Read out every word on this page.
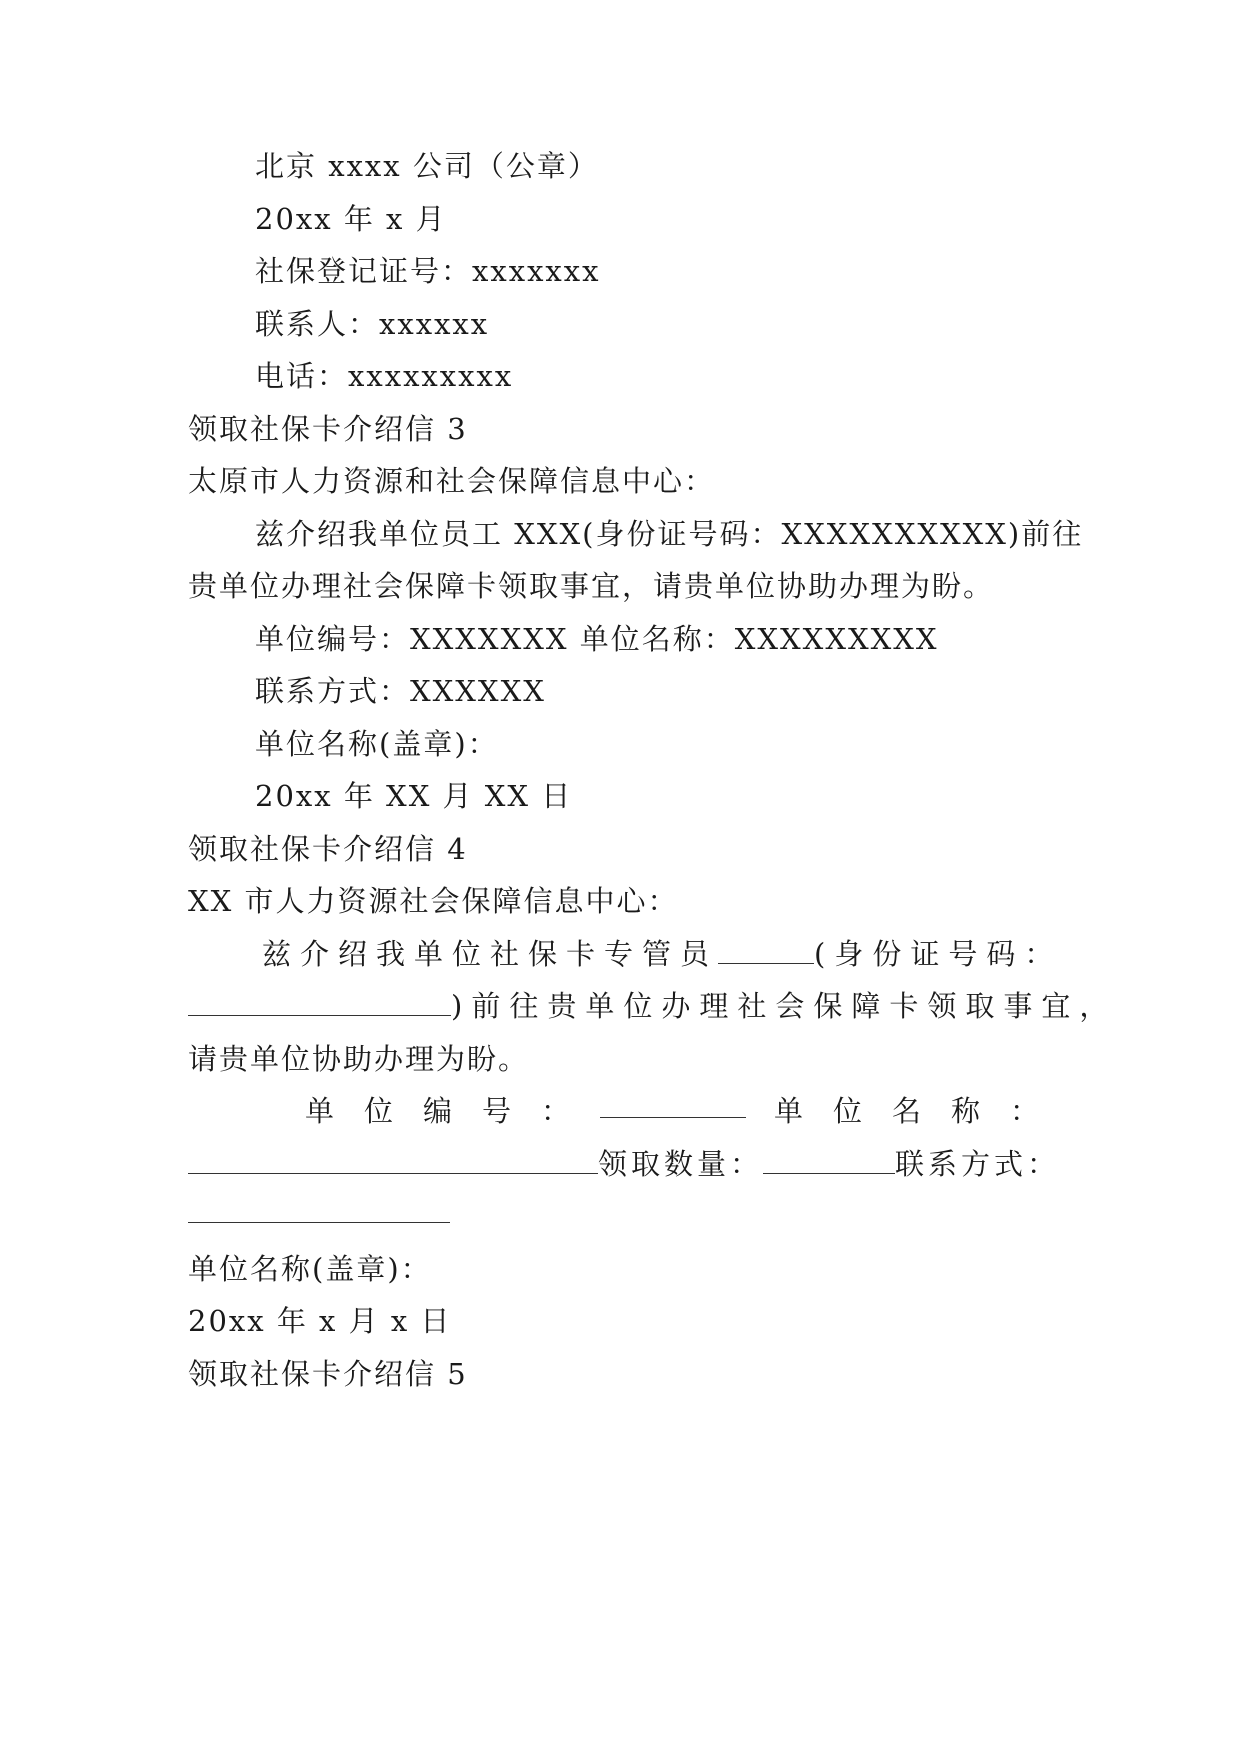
北京 xxxx 公司（公章）
20xx 年 x 月
社保登记证号：xxxxxxx
联系人：xxxxxx
电话：xxxxxxxxx
领取社保卡介绍信 3
太原市人力资源和社会保障信息中心：
兹介绍我单位员工 XXX(身份证号码：XXXXXXXXXX)前往
贵单位办理社会保障卡领取事宜，请贵单位协助办理为盼。
单位编号：XXXXXXX 单位名称：XXXXXXXXX
联系方式：XXXXXX
单位名称(盖章)：
20xx 年 XX 月 XX 日
领取社保卡介绍信 4
XX 市人力资源社会保障信息中心：
兹介绍我单位社保卡专管员	(身份证号码：
)前往贵单位办理社会保障卡领取事宜，
请贵单位协助办理为盼。
单 位 编 号 ：	单 位 名 称 ：
领取数量：	联系方式：
单位名称(盖章)：
20xx 年 x 月 x 日
领取社保卡介绍信 5
